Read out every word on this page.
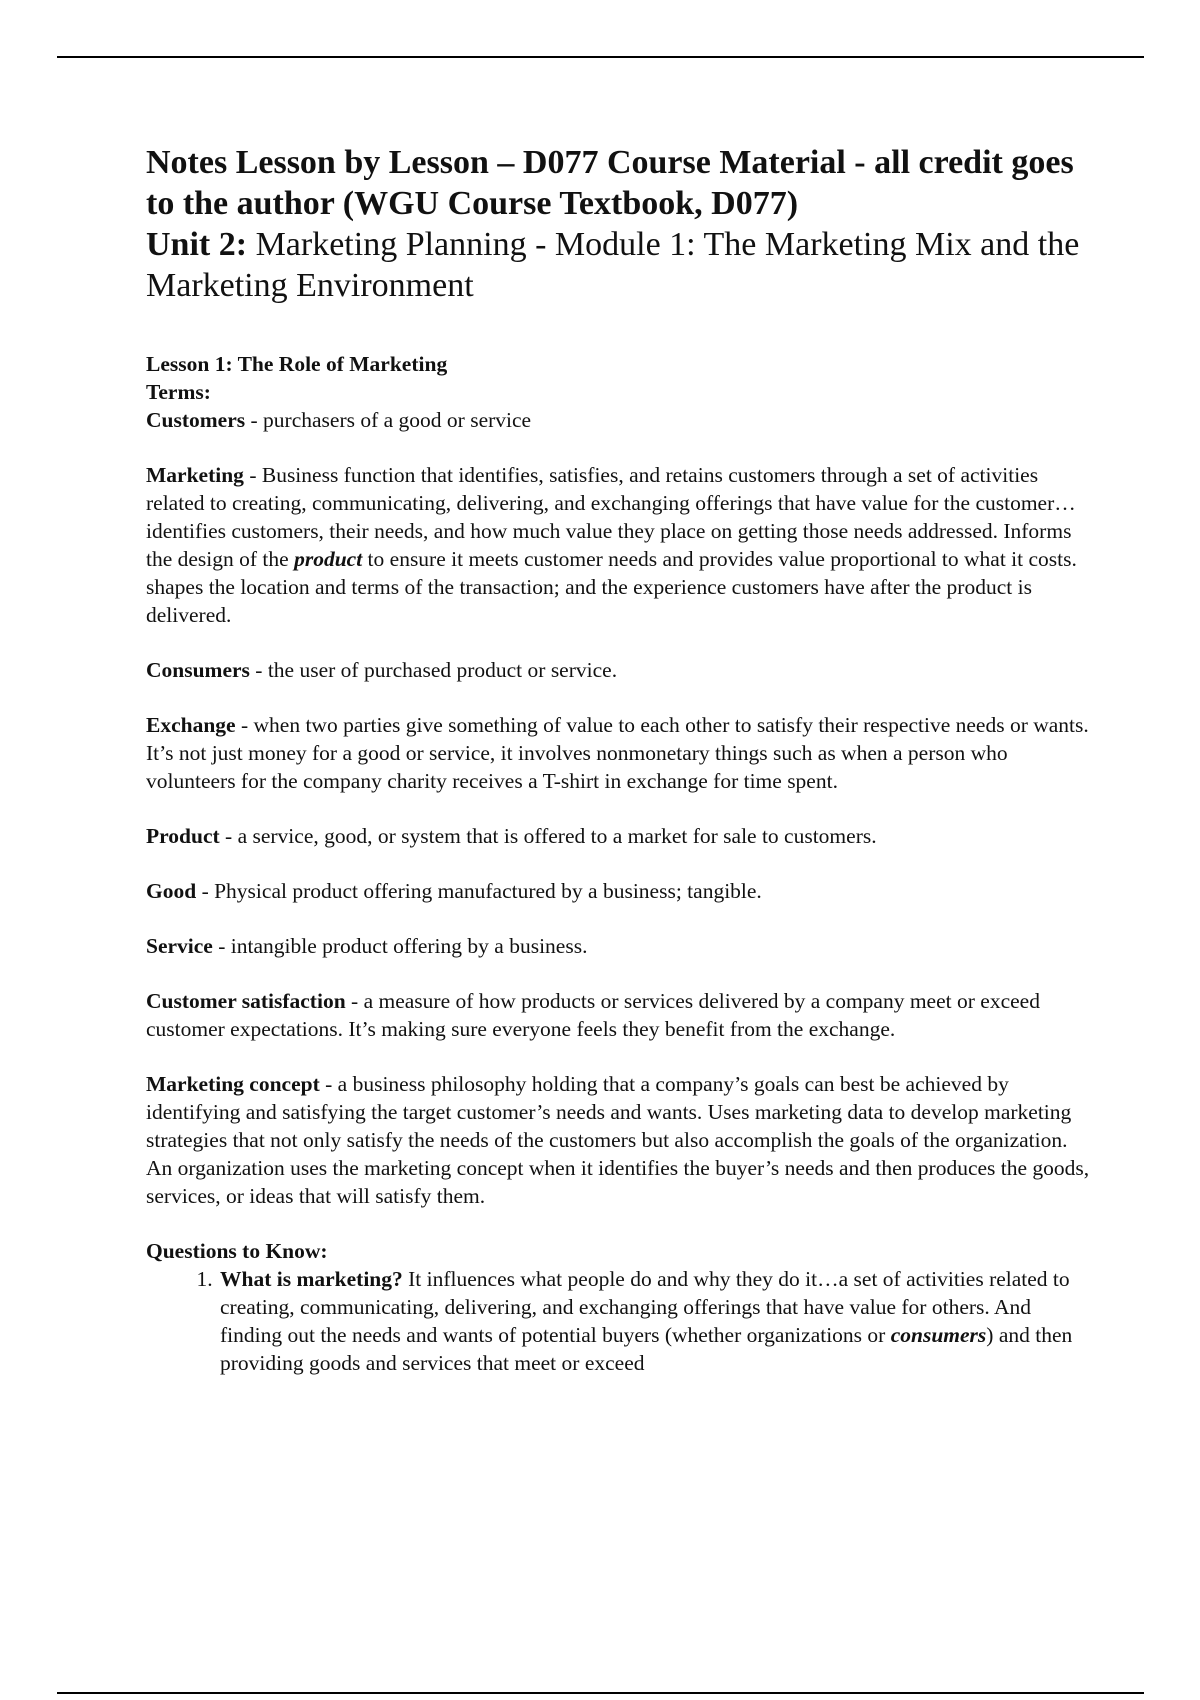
Notes Lesson by Lesson – D077 Course Material - all credit goes to the author (WGU Course Textbook, D077)
Unit 2: Marketing Planning - Module 1: The Marketing Mix and the Marketing Environment
Lesson 1: The Role of Marketing
Terms:

Customers - purchasers of a good or service

Marketing - Business function that identifies, satisfies, and retains customers through a set of activities related to creating, communicating, delivering, and exchanging offerings that have value for the customer…identifies customers, their needs, and how much value they place on getting those needs addressed. Informs the design of the product to ensure it meets customer needs and provides value proportional to what it costs. shapes the location and terms of the transaction; and the experience customers have after the product is delivered.

Consumers - the user of purchased product or service.

Exchange - when two parties give something of value to each other to satisfy their respective needs or wants. It’s not just money for a good or service, it involves nonmonetary things such as when a person who volunteers for the company charity receives a T-shirt in exchange for time spent.

Product - a service, good, or system that is offered to a market for sale to customers.

Good - Physical product offering manufactured by a business; tangible.

Service - intangible product offering by a business.

Customer satisfaction - a measure of how products or services delivered by a company meet or exceed customer expectations. It’s making sure everyone feels they benefit from the exchange.

Marketing concept - a business philosophy holding that a company’s goals can best be achieved by identifying and satisfying the target customer’s needs and wants. Uses marketing data to develop marketing strategies that not only satisfy the needs of the customers but also accomplish the goals of the organization. An organization uses the marketing concept when it identifies the buyer’s needs and then produces the goods, services, or ideas that will satisfy them.

Questions to Know:
1. What is marketing? It influences what people do and why they do it…a set of activities related to creating, communicating, delivering, and exchanging offerings that have value for others. And finding out the needs and wants of potential buyers (whether organizations or consumers) and then providing goods and services that meet or exceed
